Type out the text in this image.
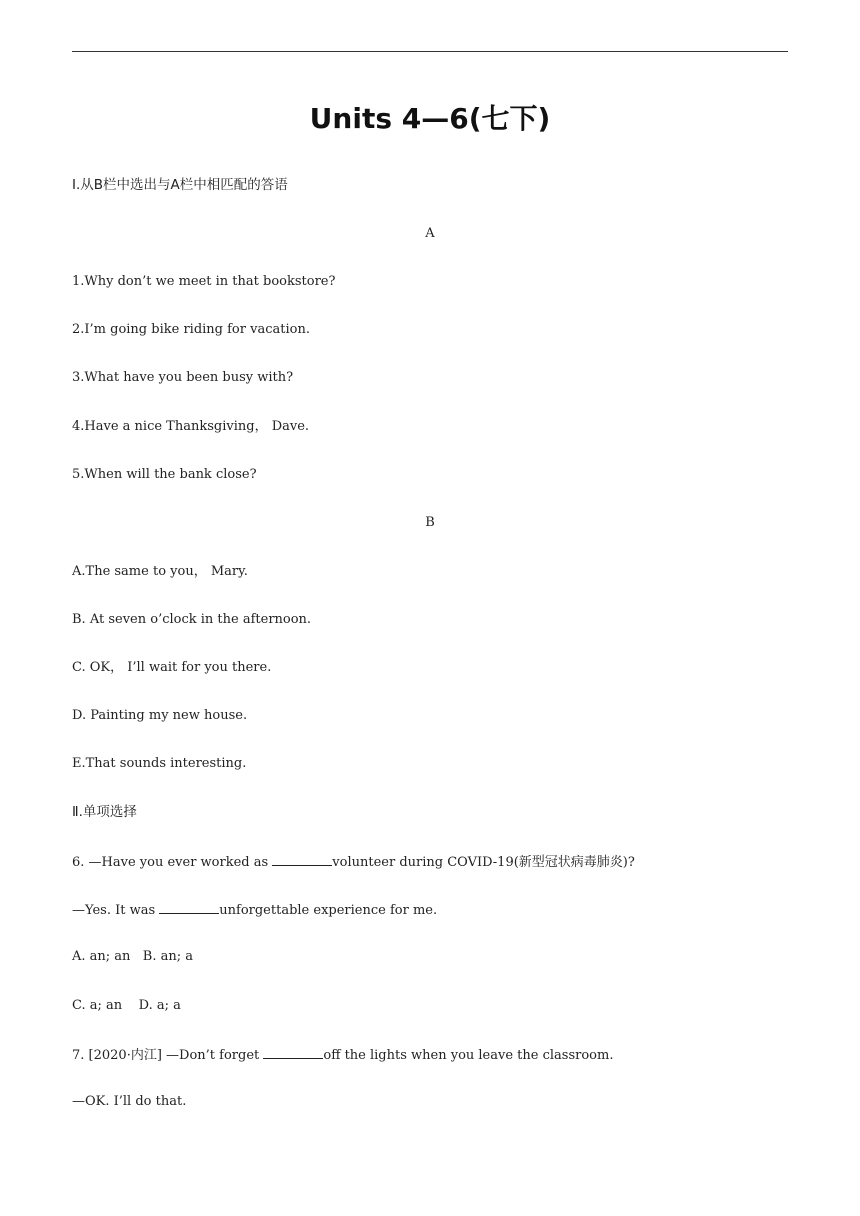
Units 4—6(七下)
Ⅰ.从B栏中选出与A栏中相匹配的答语
A
1.Why don’t we meet in that bookstore?
2.I’m going bike riding for vacation.
3.What have you been busy with?
4.Have a nice Thanksgiving， Dave.
5.When will the bank close?
B
A.The same to you， Mary.
B. At seven o’clock in the afternoon.
C. OK， I’ll wait for you there.
D. Painting my new house.
E.That sounds interesting.
Ⅱ.单项选择
6. —Have you ever worked as	volunteer during COVID-19(新型冠状病毒肺炎)?
—Yes. It was	unforgettable experience for me.
A. an; an   B. an; a
C. a; an    D. a; a
7. [2020·内江] —Don’t forget	off the lights when you leave the classroom.
—OK. I’ll do that.
